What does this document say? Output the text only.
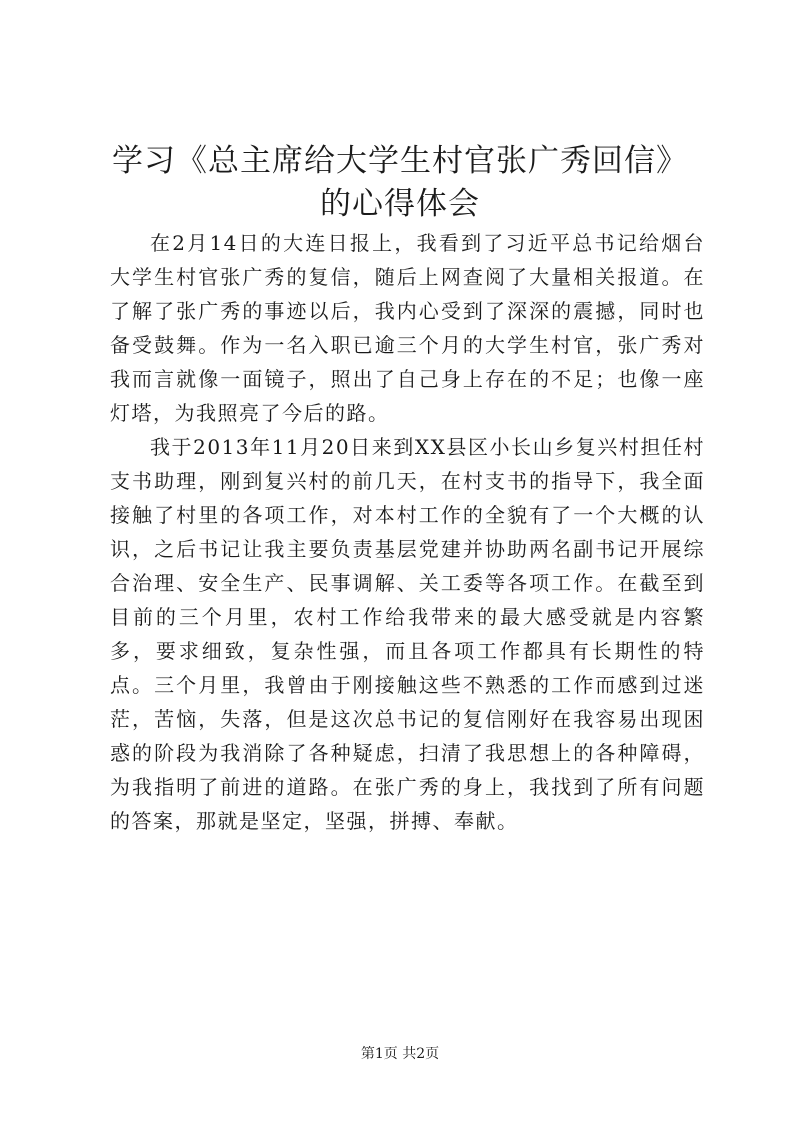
学习《总主席给大学生村官张广秀回信》的心得体会

在2月14日的大连日报上，我看到了习近平总书记给烟台大学生村官张广秀的复信，随后上网查阅了大量相关报道。在了解了张广秀的事迹以后，我内心受到了深深的震撼，同时也备受鼓舞。作为一名入职已逾三个月的大学生村官，张广秀对我而言就像一面镜子，照出了自己身上存在的不足；也像一座灯塔，为我照亮了今后的路。

我于2013年11月20日来到XX县区小长山乡复兴村担任村支书助理，刚到复兴村的前几天，在村支书的指导下，我全面接触了村里的各项工作，对本村工作的全貌有了一个大概的认识，之后书记让我主要负责基层党建并协助两名副书记开展综合治理、安全生产、民事调解、关工委等各项工作。在截至到目前的三个月里，农村工作给我带来的最大感受就是内容繁多，要求细致，复杂性强，而且各项工作都具有长期性的特点。三个月里，我曾由于刚接触这些不熟悉的工作而感到过迷茫，苦恼，失落，但是这次总书记的复信刚好在我容易出现困惑的阶段为我消除了各种疑虑，扫清了我思想上的各种障碍，为我指明了前进的道路。在张广秀的身上，我找到了所有问题的答案，那就是坚定，坚强，拼搏、奉献。

第1页 共2页
